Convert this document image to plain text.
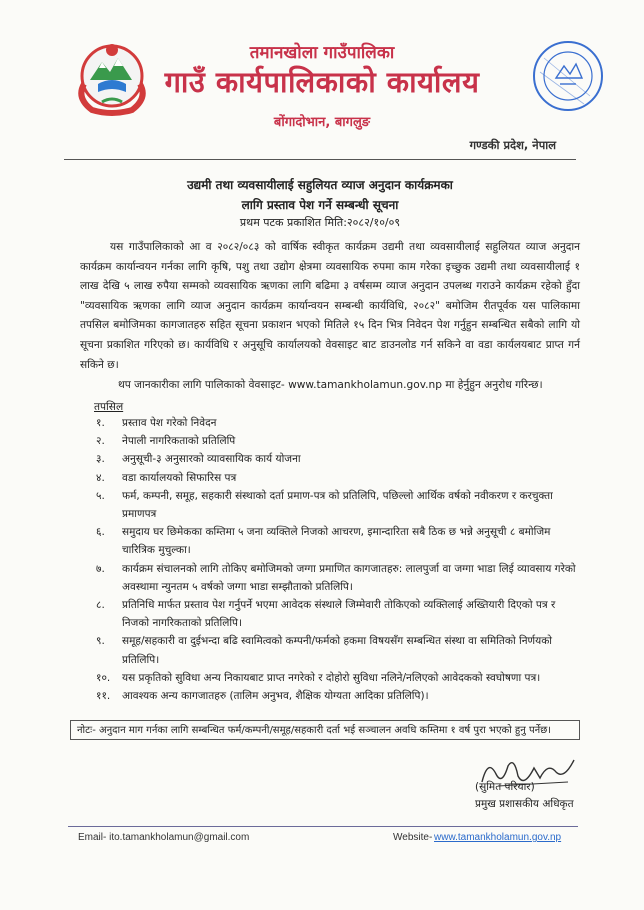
तमानखोला गाउँपालिका
गाउँ कार्यपालिकाको कार्यालय
बोंगादोभान, बागलुङ
गण्डकी प्रदेश, नेपाल
उद्यमी तथा व्यवसायीलाई सहुलियत व्याज अनुदान कार्यक्रमका
लागि प्रस्ताव पेश गर्ने सम्बन्धी सूचना
प्रथम पटक प्रकाशित मिति:२०८२/१०/०९
यस गाउँपालिकाको आ व २०८२/०८३ को वार्षिक स्वीकृत कार्यक्रम उद्यमी तथा व्यवसायीलाई सहुलियत व्याज अनुदान कार्यक्रम कार्यान्वयन गर्नका लागि कृषि, पशु तथा उद्योग क्षेत्रमा व्यवसायिक रुपमा काम गरेका इच्छुक उद्यमी तथा व्यवसायीलाई १ लाख देखि ५ लाख रुपैया सम्मको व्यवसायिक ऋणका लागि बढिमा ३ वर्षसम्म व्याज अनुदान उपलब्ध गराउने कार्यक्रम रहेको हुँदा "व्यवसायिक ऋणका लागि व्याज अनुदान कार्यक्रम कार्यान्वयन सम्बन्धी कार्यविधि, २०८२" बमोजिम रीतपूर्वक यस पालिकामा तपसिल बमोजिमका कागजातहरु सहित सूचना प्रकाशन भएको मितिले १५ दिन भित्र निवेदन पेश गर्नुहुन सम्बन्धित सबैको लागि यो सूचना प्रकाशित गरिएको छ। कार्यविधि र अनुसूचि कार्यालयको वेवसाइट बाट डाउनलोड गर्न सकिने वा वडा कार्यलयबाट प्राप्त गर्न सकिने छ।
थप जानकारीका लागि पालिकाको वेवसाइट- www.tamankholamun.gov.np मा हेर्नुहुन अनुरोध गरिन्छ।
तपसिल
१. प्रस्ताव पेश गरेको निवेदन
२. नेपाली नागरिकताको प्रतिलिपि
३. अनुसूची-३ अनुसारको व्यावसायिक कार्य योजना
४. वडा कार्यालयको सिफारिस पत्र
५. फर्म, कम्पनी, समूह, सहकारी संस्थाको दर्ता प्रमाण-पत्र को प्रतिलिपि, पछिल्लो आर्थिक वर्षको नवीकरण र करचुक्ता प्रमाणपत्र
६. समुदाय घर छिमेकका कम्तिमा ५ जना व्यक्तिले निजको आचरण, इमान्दारिता सबै ठिक छ भन्ने अनुसूची ८ बमोजिम चारित्रिक मुचुल्का।
७. कार्यक्रम संचालनको लागि तोकिए बमोजिमको जग्गा प्रमाणित कागजातहरु: लालपुर्जा वा जग्गा भाडा लिई व्यावसाय गरेको अवस्थामा न्युनतम ५ वर्षको जग्गा भाडा सम्झौताको प्रतिलिपि।
८. प्रतिनिधि मार्फत प्रस्ताव पेश गर्नुपर्ने भएमा आवेदक संस्थाले जिम्मेवारी तोकिएको व्यक्तिलाई अख्तियारी दिएको पत्र र निजको नागरिकताको प्रतिलिपि।
९. समूह/सहकारी वा दुईभन्दा बढि स्वामित्वको कम्पनी/फर्मको हकमा विषयसँग सम्बन्धित संस्था वा समितिको निर्णयको प्रतिलिपि।
१०. यस प्रकृतिको सुविधा अन्य निकायबाट प्राप्त नगरेको र दोहोरो सुविधा नलिने/नलिएको आवेदकको स्वघोषणा पत्र।
११. आवश्यक अन्य कागजातहरु (तालिम अनुभव, शैक्षिक योग्यता आदिका प्रतिलिपि)।
नोटः- अनुदान माग गर्नका लागि सम्बन्धित फर्म/कम्पनी/समूह/सहकारी दर्ता भई सञ्चालन अवधि कम्तिमा १ वर्ष पुरा भएको हुनु पर्नेछ।
(सुमित परियार)
प्रमुख प्रशासकीय अधिकृत
Email- ito.tamankholamun@gmail.com	Website- www.tamankholamun.gov.np
